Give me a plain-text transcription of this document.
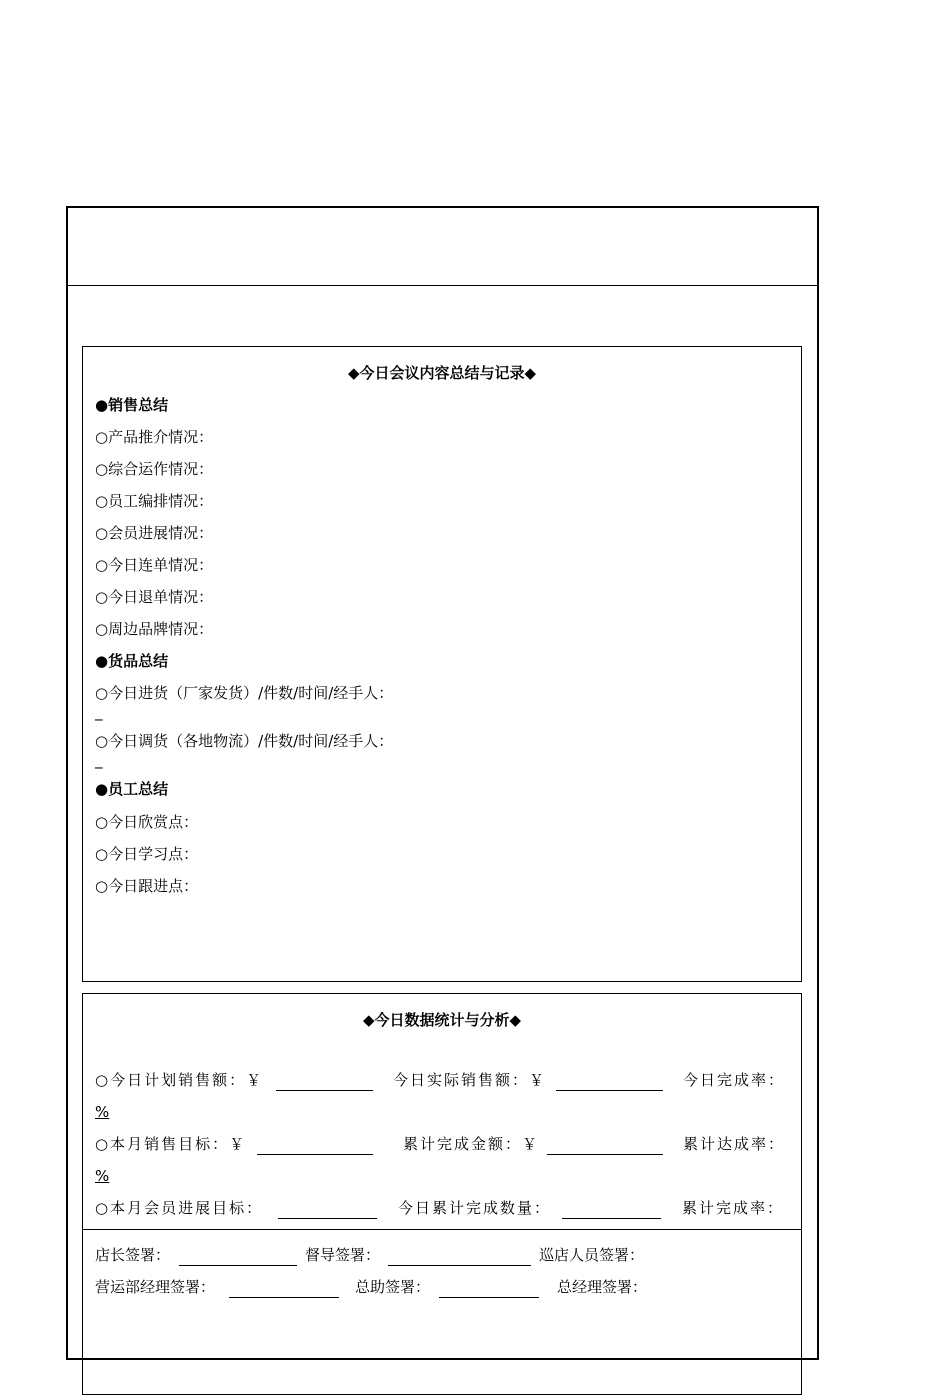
◆今日会议内容总结与记录◆
●销售总结
○产品推介情况：
○综合运作情况：
○员工编排情况：
○会员进展情况：
○今日连单情况：
○今日退单情况：
○周边品牌情况：
●货品总结
○今日进货（厂家发货）/件数/时间/经手人：
_
○今日调货（各地物流）/件数/时间/经手人：
_
●员工总结
○今日欣赏点：
○今日学习点：
○今日跟进点：
◆今日数据统计与分析◆
○今日计划销售额：￥	今日实际销售额：￥	今日完成率：
%
○本月销售目标：￥	累计完成金额：￥	累计达成率：
%
○本月会员进展目标：	今日累计完成数量：	累计完成率：
店长签署：	督导签署：	巡店人员签署：
营运部经理签署：	总助签署：	总经理签署：
